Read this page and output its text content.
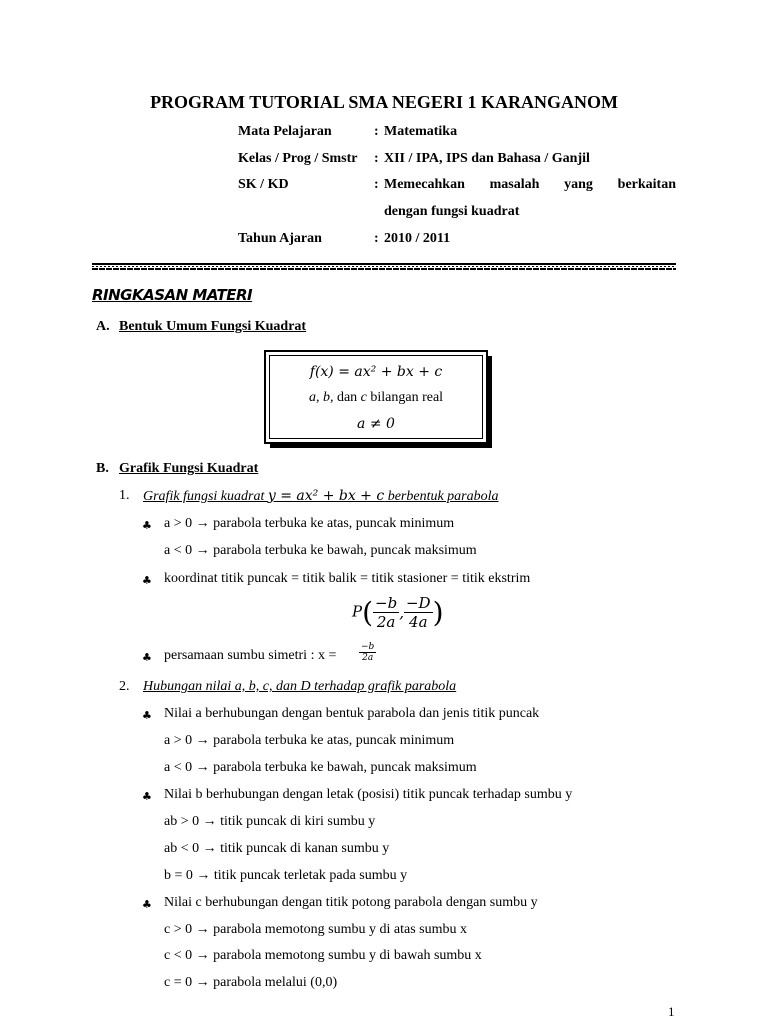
PROGRAM TUTORIAL SMA NEGERI 1 KARANGANOM
Mata Pelajaran	: Matematika
Kelas / Prog / Smstr : XII / IPA, IPS dan Bahasa / Ganjil
SK / KD	: Memecahkan masalah yang berkaitan
dengan fungsi kuadrat
Tahun Ajaran	: 2010 / 2011
RINGKASAN MATERI
A. Bentuk Umum Fungsi Kuadrat
f(x) = ax² + bx + c
a, b, dan c bilangan real
a ≠ 0
B. Grafik Fungsi Kuadrat
1. Grafik fungsi kuadrat y = ax² + bx + c berbentuk parabola
♣ a > 0 → parabola terbuka ke atas, puncak minimum
a < 0 → parabola terbuka ke bawah, puncak maksimum
♣ koordinat titik puncak = titik balik = titik stasioner = titik ekstrim
$P( \frac{-b}{2a}$ , $\frac{-D}{4a}$ )
♣ persamaan sumbu simetri : x =	$\frac{-b}{2a}$
2. Hubungan nilai a, b, c, dan D terhadap grafik parabola
♣ Nilai a berhubungan dengan bentuk parabola dan jenis titik puncak
a > 0 → parabola terbuka ke atas, puncak minimum
a < 0 → parabola terbuka ke bawah, puncak maksimum
♣ Nilai b berhubungan dengan letak (posisi) titik puncak terhadap sumbu y
ab > 0 → titik puncak di kiri sumbu y
ab < 0 → titik puncak di kanan sumbu y
b = 0 → titik puncak terletak pada sumbu y
♣ Nilai c berhubungan dengan titik potong parabola dengan sumbu y
c > 0 → parabola memotong sumbu y di atas sumbu x
c < 0 → parabola memotong sumbu y di bawah sumbu x
c = 0 → parabola melalui (0,0)
1
